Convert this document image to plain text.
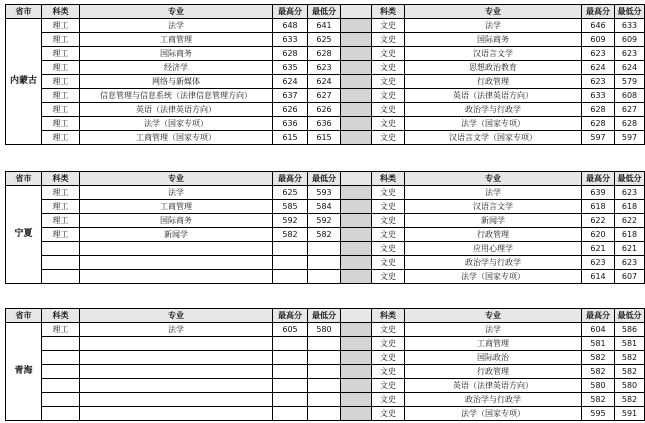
省市	科类	专业	最高分	最低分		科类	专业	最高分	最低分
内蒙古	理工	法学	648	641		文史	法学	646	633
	理工	工商管理	633	625		文史	国际商务	609	609
	理工	国际商务	628	628		文史	汉语言文学	623	623
	理工	经济学	635	623		文史	思想政治教育	624	624
	理工	网络与新媒体	624	624		文史	行政管理	623	579
	理工	信息管理与信息系统（法律信息管理方向）	637	627		文史	英语（法律英语方向）	633	608
	理工	英语（法律英语方向）	626	626		文史	政治学与行政学	628	627
	理工	法学（国家专项）	636	636		文史	法学（国家专项）	628	628
	理工	工商管理（国家专项）	615	615		文史	汉语言文学（国家专项）	597	597
省市	科类	专业	最高分	最低分		科类	专业	最高分	最低分
宁夏	理工	法学	625	593		文史	法学	639	623
	理工	工商管理	585	584		文史	汉语言文学	618	618
	理工	国际商务	592	592		文史	新闻学	622	622
	理工	新闻学	582	582		文史	行政管理	620	618
						文史	应用心理学	621	621
						文史	政治学与行政学	623	623
						文史	法学（国家专项）	614	607
省市	科类	专业	最高分	最低分		科类	专业	最高分	最低分
青海	理工	法学	605	580		文史	法学	604	586
						文史	工商管理	581	581
						文史	国际政治	582	582
						文史	行政管理	582	582
						文史	英语（法律英语方向）	580	580
						文史	政治学与行政学	582	582
						文史	法学（国家专项）	595	591
